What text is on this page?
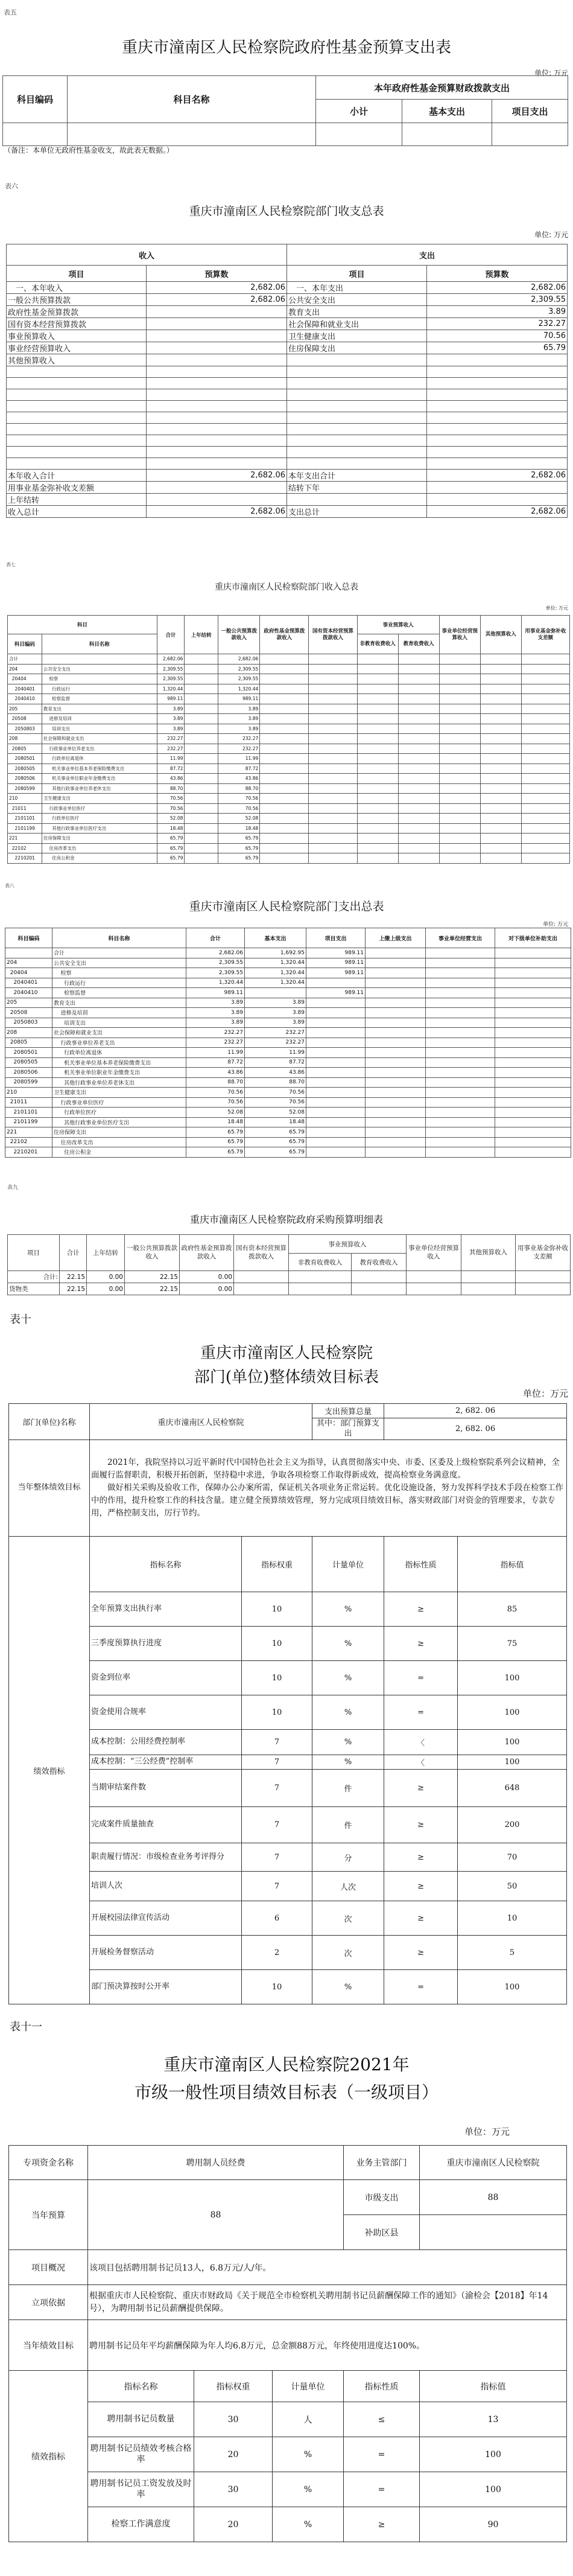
表五
重庆市潼南区人民检察院政府性基金预算支出表
单位: 万元
科目编码	科目名称	本年政府性基金预算财政拨款支出		
		小计	基本支出	项目支出

（备注：本单位无政府性基金收支，故此表无数据。）
表六
重庆市潼南区人民检察院部门收支总表
单位: 万元
收入		支出	
项目	预算数	项目	预算数
　一、本年收入	2,682.06	　一、本年支出	2,682.06
一般公共预算拨款	2,682.06	公共安全支出	2,309.55
政府性基金预算拨款		教育支出	3.89
国有资本经营预算拨款		社会保障和就业支出	232.27
事业预算收入		卫生健康支出	70.56
事业经营预算收入		住房保障支出	65.79
其他预算收入			

本年收入合计	2,682.06	本年支出合计	2,682.06
用事业基金弥补收支差额		结转下年	
上年结转			
收入总计	2,682.06	支出总计	2,682.06
表七
重庆市潼南区人民检察院部门收入总表
单位: 万元
科目		合计	上年结转	一般公共预算拨款收入	政府性基金预算拨款收入	国有资本经营预算拨款收入	事业预算收入		事业单位经营预算收入	其他预算收入	用事业基金弥补收支差额
科目编码	科目名称						非教育收费收入	教育收费收入			

合计		2,682.06		2,682.06							
204	公共安全支出	2,309.55		2,309.55							
20404	检察	2,309.55		2,309.55							
2040401	行政运行	1,320.44		1,320.44							
2040410	检察监督	989.11		989.11							
205	教育支出	3.89		3.89							
20508	进修及培训	3.89		3.89							
2050803	培训支出	3.89		3.89							
208	社会保障和就业支出	232.27		232.27							
20805	行政事业单位养老支出	232.27		232.27							
2080501	行政单位离退休	11.99		11.99							
2080505	机关事业单位基本养老保险缴费支出	87.72		87.72							
2080506	机关事业单位职业年金缴费支出	43.86		43.86							
2080599	其他行政事业单位养老休支出	88.70		88.70							
210	卫生健康支出	70.56		70.56							
21011	行政事业单位医疗	70.56		70.56							
2101101	行政单位医疗	52.08		52.08							
2101199	其他行政事业单位医疗支出	18.48		18.48							
221	住房保障支出	65.79		65.79							
22102	住房改革支出	65.79		65.79							
2210201	住房公积金	65.79		65.79							
表八
重庆市潼南区人民检察院部门支出总表
单位: 万元
科目编码	科目名称	合计	基本支出	项目支出	上缴上级支出	事业单位经营支出	对下级单位补助支出
	合计	2,682.06	1,692.95	989.11			
204	公共安全支出	2,309.55	1,320.44	989.11			
20404	检察	2,309.55	1,320.44	989.11			
2040401	行政运行	1,320.44	1,320.44				
2040410	检察监督	989.11		989.11			
205	教育支出	3.89	3.89				
20508	进修及培训	3.89	3.89				
2050803	培训支出	3.89	3.89				
208	社会保障和就业支出	232.27	232.27				
20805	行政事业单位养老支出	232.27	232.27				
2080501	行政单位离退休	11.99	11.99				
2080505	机关事业单位基本养老保险缴费支出	87.72	87.72				
2080506	机关事业单位职业年金缴费支出	43.86	43.86				
2080599	其他行政事业单位养老休支出	88.70	88.70				
210	卫生健康支出	70.56	70.56				
21011	行政事业单位医疗	70.56	70.56				
2101101	行政单位医疗	52.08	52.08				
2101199	其他行政事业单位医疗支出	18.48	18.48				
221	住房保障支出	65.79	65.79				
22102	住房改革支出	65.79	65.79				
2210201	住房公积金	65.79	65.79				
表九
重庆市潼南区人民检察院政府采购预算明细表
项目	合计	上年结转	一般公共预算拨款收入	政府性基金预算拨款收入	国有资本经营预算拨款收入	事业预算收入		事业单位经营预算收入	其他预算收入	用事业基金弥补收支差额
						非教育收费收入	教育收费收入			
合计:	22.15	0.00	22.15	0.00						
货物类	22.15	0.00	22.15	0.00						
表十
重庆市潼南区人民检察院
部门(单位)整体绩效目标表
单位：万元
部门(单位)名称	重庆市潼南区人民检察院		支出预算总量	2, 682. 06	
			其中：部门预算支出	2, 682. 06	
当年整体绩效目标	2021年，我院坚持以习近平新时代中国特色社会主义为指导，认真贯彻落实中央、市委、区委及上级检察院系列会议精神，全面履行监督职责，积极开拓创新，坚持稳中求进，争取各项检察工作取得新成效，提高检察业务满意度。
做好相关采购及验收工作，保障办公办案所需，保证机关各项业务正常运转。优化设施设备，努力发挥科学技术手段在检察工作中的作用，提升检察工作的科技含量。建立健全预算绩效管理，努力完成项目绩效目标，落实财政部门对资金的管理要求，专款专用，严格控制支出，厉行节约。				

绩效指标	指标名称	指标权重	计量单位	指标性质	指标值
	全年预算支出执行率	10	%	≥	85
	三季度预算执行进度	10	%	≥	75
	资金到位率	10	%	=	100
	资金使用合规率	10	%	=	100
	成本控制：公用经费控制率	7	%	〈	100
	成本控制：“三公经费”控制率	7	%	〈	100
	当期审结案件数	7	件	≥	648
	完成案件质量抽查	7	件	≥	200
	职责履行情况：市级检查业务考评得分	7	分	≥	70
	培训人次	7	人次	≥	50
	开展校园法律宣传活动	6	次	≥	10
	开展检务督察活动	2	次	≥	5
	部门预决算按时公开率	10	%	=	100
表十一
重庆市潼南区人民检察院2021年
市级一般性项目绩效目标表（一级项目）
单位：万元
专项资金名称	聘用制人员经费			业务主管部门	重庆市潼南区人民检察院
当年预算	88			市级支出	88
				补助区县	
项目概况	该项目包括聘用制书记员13人，6.8万元/人/年。				
立项依据	根据重庆市人民检察院、重庆市财政局《关于规范全市检察机关聘用制书记员薪酬保障工作的通知》（渝检会【2018】年14号），为聘用制书记员薪酬提供保障。				
当年绩效目标	聘用制书记员年平均薪酬保障为年人均6.8万元，总金额88万元，年终使用进度达100%。				
绩效指标	指标名称	指标权重	计量单位	指标性质	指标值
	聘用制书记员数量	30	人	≤	13
	聘用制书记员绩效考核合格率	20	%	=	100
	聘用制书记员工资发放及时率	30	%	=	100
	检察工作满意度	20	%	≥	90
